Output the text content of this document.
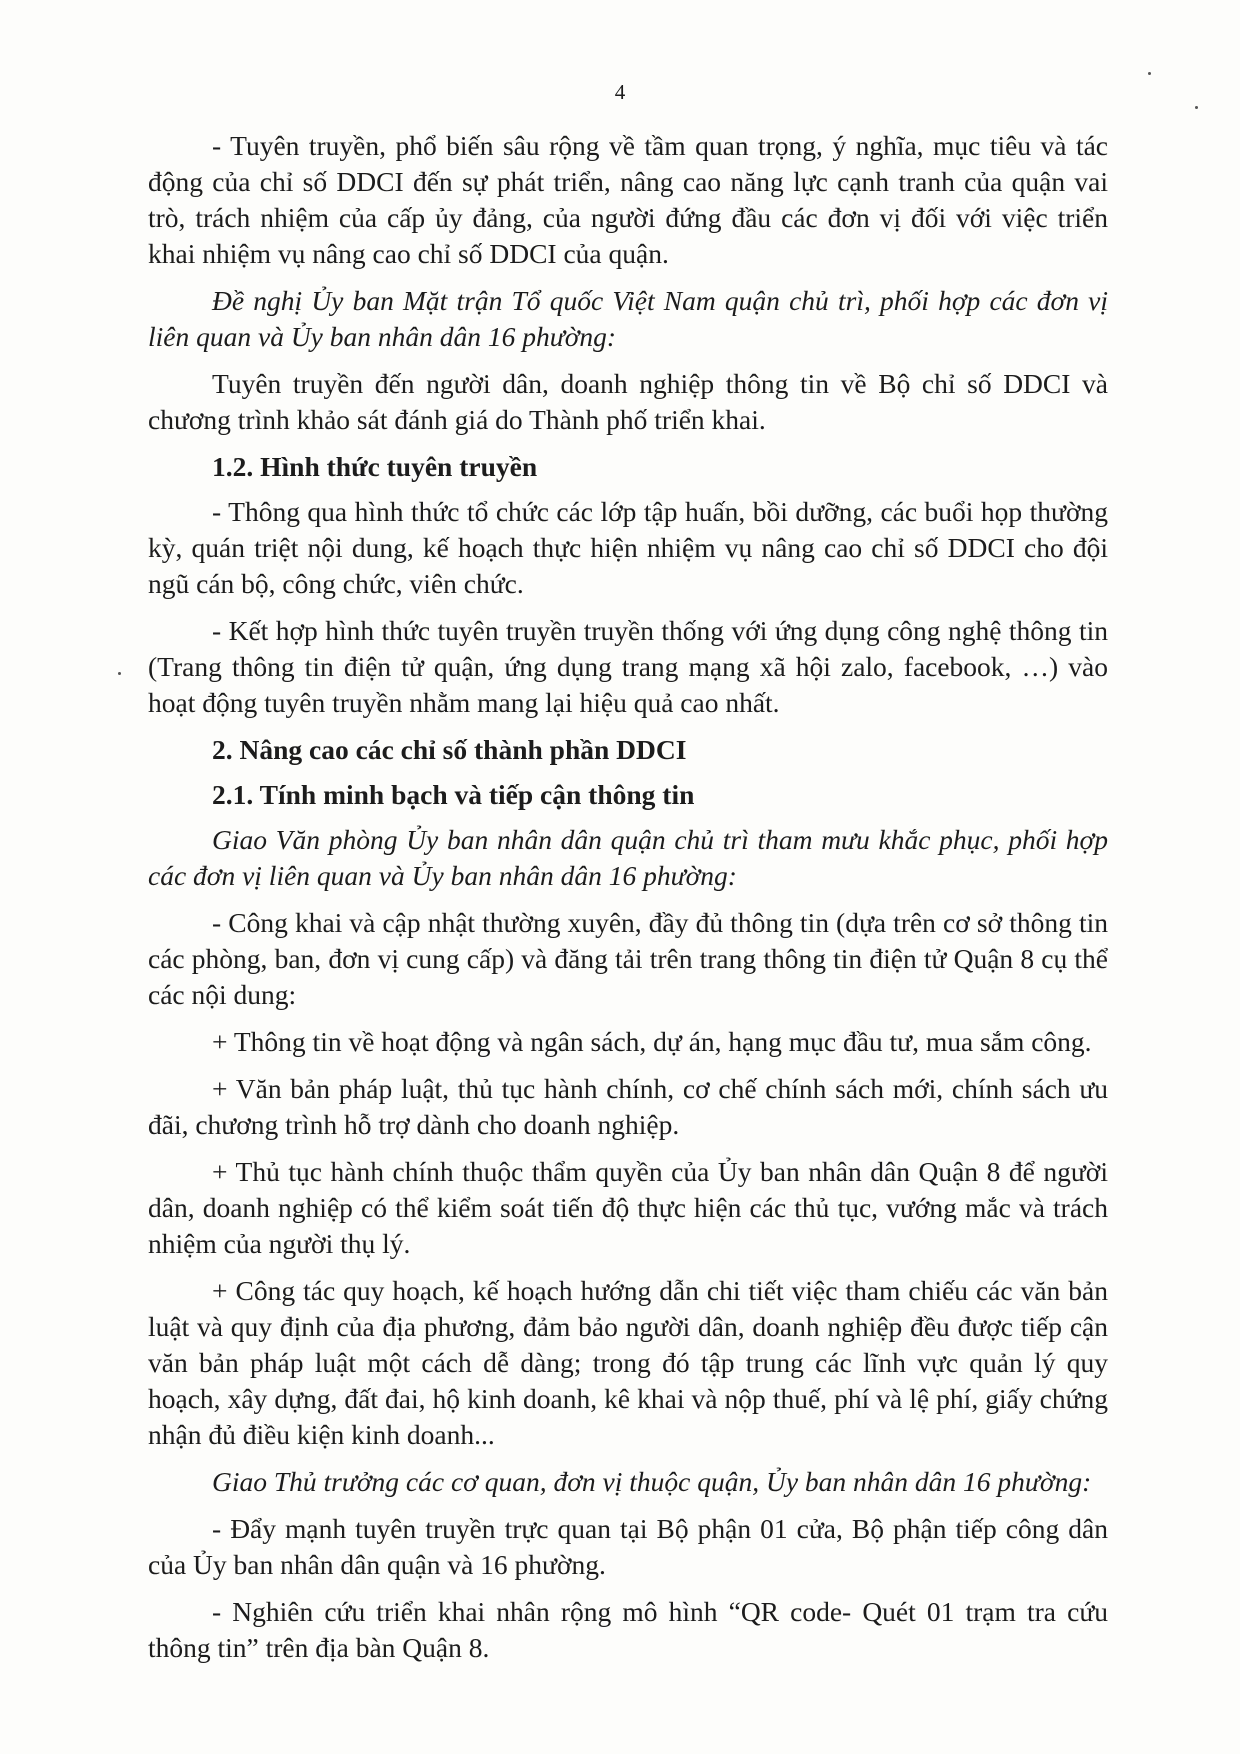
4

- Tuyên truyền, phổ biến sâu rộng về tầm quan trọng, ý nghĩa, mục tiêu và tác động của chỉ số DDCI đến sự phát triển, nâng cao năng lực cạnh tranh của quận vai trò, trách nhiệm của cấp ủy đảng, của người đứng đầu các đơn vị đối với việc triển khai nhiệm vụ nâng cao chỉ số DDCI của quận.

Đề nghị Ủy ban Mặt trận Tổ quốc Việt Nam quận chủ trì, phối hợp các đơn vị liên quan và Ủy ban nhân dân 16 phường:

Tuyên truyền đến người dân, doanh nghiệp thông tin về Bộ chỉ số DDCI và chương trình khảo sát đánh giá do Thành phố triển khai.

1.2. Hình thức tuyên truyền

- Thông qua hình thức tổ chức các lớp tập huấn, bồi dưỡng, các buổi họp thường kỳ, quán triệt nội dung, kế hoạch thực hiện nhiệm vụ nâng cao chỉ số DDCI cho đội ngũ cán bộ, công chức, viên chức.

- Kết hợp hình thức tuyên truyền truyền thống với ứng dụng công nghệ thông tin (Trang thông tin điện tử quận, ứng dụng trang mạng xã hội zalo, facebook, …) vào hoạt động tuyên truyền nhằm mang lại hiệu quả cao nhất.

2. Nâng cao các chỉ số thành phần DDCI

2.1. Tính minh bạch và tiếp cận thông tin

Giao Văn phòng Ủy ban nhân dân quận chủ trì tham mưu khắc phục, phối hợp các đơn vị liên quan và Ủy ban nhân dân 16 phường:

- Công khai và cập nhật thường xuyên, đầy đủ thông tin (dựa trên cơ sở thông tin các phòng, ban, đơn vị cung cấp) và đăng tải trên trang thông tin điện tử Quận 8 cụ thể các nội dung:

+ Thông tin về hoạt động và ngân sách, dự án, hạng mục đầu tư, mua sắm công.

+ Văn bản pháp luật, thủ tục hành chính, cơ chế chính sách mới, chính sách ưu đãi, chương trình hỗ trợ dành cho doanh nghiệp.

+ Thủ tục hành chính thuộc thẩm quyền của Ủy ban nhân dân Quận 8 để người dân, doanh nghiệp có thể kiểm soát tiến độ thực hiện các thủ tục, vướng mắc và trách nhiệm của người thụ lý.

+ Công tác quy hoạch, kế hoạch hướng dẫn chi tiết việc tham chiếu các văn bản luật và quy định của địa phương, đảm bảo người dân, doanh nghiệp đều được tiếp cận văn bản pháp luật một cách dễ dàng; trong đó tập trung các lĩnh vực quản lý quy hoạch, xây dựng, đất đai, hộ kinh doanh, kê khai và nộp thuế, phí và lệ phí, giấy chứng nhận đủ điều kiện kinh doanh...

Giao Thủ trưởng các cơ quan, đơn vị thuộc quận, Ủy ban nhân dân 16 phường:

- Đẩy mạnh tuyên truyền trực quan tại Bộ phận 01 cửa, Bộ phận tiếp công dân của Ủy ban nhân dân quận và 16 phường.

- Nghiên cứu triển khai nhân rộng mô hình “QR code- Quét 01 trạm tra cứu thông tin” trên địa bàn Quận 8.
